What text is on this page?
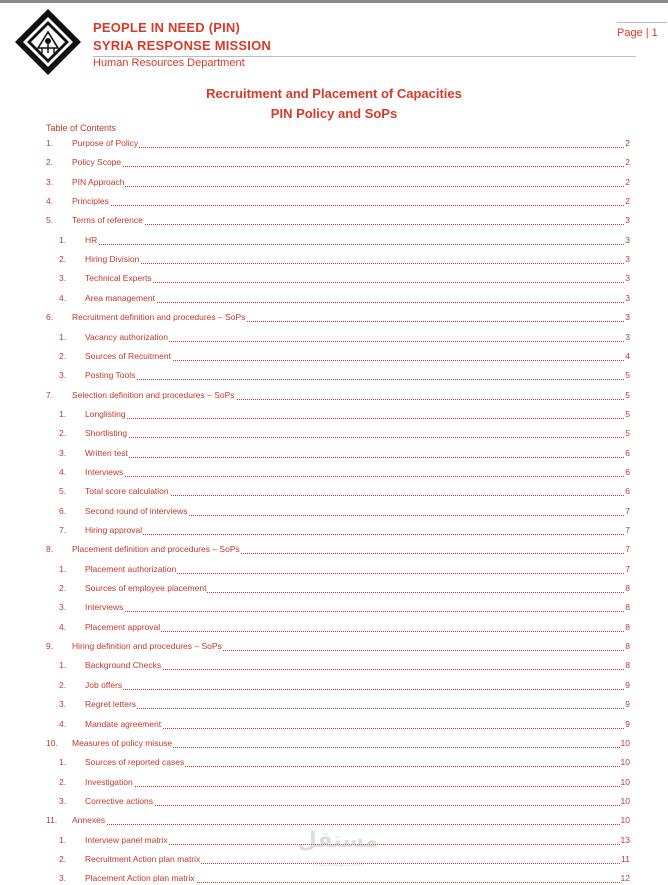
PEOPLE IN NEED (PIN)
SYRIA RESPONSE MISSION
Human Resources Department
Page | 1
Recruitment and Placement of Capacities
PIN Policy and SoPs
Table of Contents
1. Purpose of Policy	2
2. Policy Scope	2
3. PIN Approach	2
4. Principles	2
5. Terms of reference	3
1. HR	3
2. Hiring Division	3
3. Technical Experts	3
4. Area management	3
6. Recruitment definition and procedures – SoPs	3
1. Vacancy authorization	3
2. Sources of Recuitment	4
3. Posting Tools	5
7. Selection definition and procedures – SoPs	5
1. Longlisting	5
2. Shortlisting	5
3. Written test	6
4. Interviews	6
5. Total score calculation	6
6. Second round of interviews	7
7. Hiring approval	7
8. Placement definition and procedures – SoPs	7
1. Placement authorization	7
2. Sources of employee placement	8
3. Interviews	8
4. Placement approval	8
9. Hiring definition and procedures – SoPs	8
1. Background Checks	8
2. Job offers	9
3. Regret letters	9
4. Mandate agreement	9
10. Measures of policy misuse	10
1. Sources of reported cases	10
2. Investigation	10
3. Corrective actions	10
11. Annexes	10
1. Interview panel matrix	13
2. Recruitment Action plan matrix	11
3. Placement Action plan matrix	12
مستقل
mostaql.com
